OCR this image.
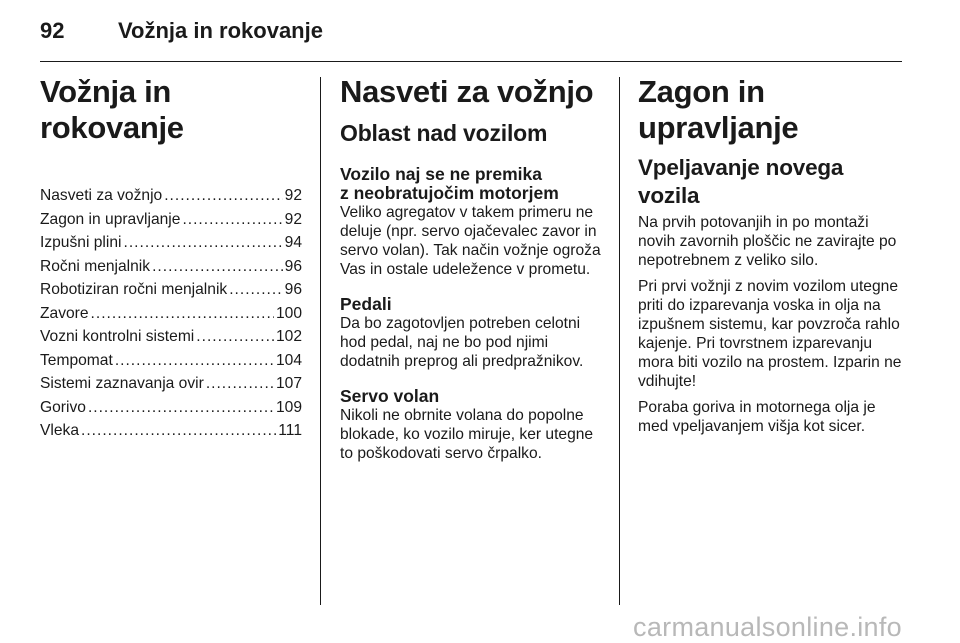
92 Vožnja in rokovanje
Vožnja in rokovanje
Nasveti za vožnjo .....	92
Zagon in upravljanje .....	92
Izpušni plini .....	94
Ročni menjalnik .....	96
Robotiziran ročni menjalnik .....	96
Zavore .....	100
Vozni kontrolni sistemi .....	102
Tempomat .....	104
Sistemi zaznavanja ovir .....	107
Gorivo .....	109
Vleka .....	111
Nasveti za vožnjo
Oblast nad vozilom
Vozilo naj se ne premika
z neobratujočim motorjem

Veliko agregatov v takem primeru ne deluje (npr. servo ojačevalec zavor in servo volan). Tak način vožnje ogroža Vas in ostale udeležence v prometu.

Pedali

Da bo zagotovljen potreben celotni hod pedal, naj ne bo pod njimi dodatnih preprog ali predpražnikov.

Servo volan

Nikoli ne obrnite volana do popolne blokade, ko vozilo miruje, ker utegne to poškodovati servo črpalko.

Zagon in upravljanje
Vpeljavanje novega vozila

Na prvih potovanjih in po montaži novih zavornih ploščic ne zavirajte po nepotrebnem z veliko silo.

Pri prvi vožnji z novim vozilom utegne priti do izparevanja voska in olja na izpušnem sistemu, kar povzroča rahlo kajenje. Pri tovrstnem izparevanju mora biti vozilo na prostem. Izparin ne vdihujte!

Poraba goriva in motornega olja je med vpeljavanjem višja kot sicer.

carmanualsonline.info
